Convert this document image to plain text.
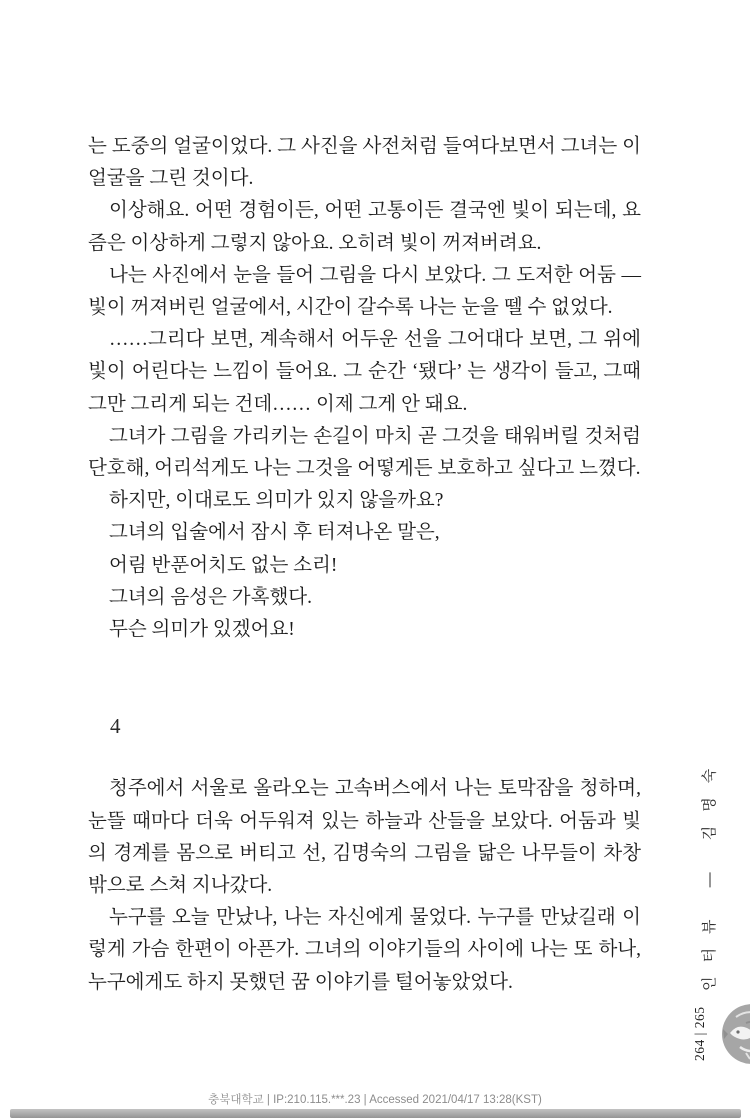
는 도중의 얼굴이었다. 그 사진을 사전처럼 들여다보면서 그녀는 이 얼굴을 그린 것이다.

이상해요. 어떤 경험이든, 어떤 고통이든 결국엔 빛이 되는데, 요즘은 이상하게 그렇지 않아요. 오히려 빛이 꺼져버려요.

나는 사진에서 눈을 들어 그림을 다시 보았다. 그 도저한 어둠 ― 빛이 꺼져버린 얼굴에서, 시간이 갈수록 나는 눈을 뗄 수 없었다.

……그리다 보면, 계속해서 어두운 선을 그어대다 보면, 그 위에 빛이 어린다는 느낌이 들어요. 그 순간 ‘됐다’ 는 생각이 들고, 그때 그만 그리게 되는 건데…… 이제 그게 안 돼요.

그녀가 그림을 가리키는 손길이 마치 곧 그것을 태워버릴 것처럼 단호해, 어리석게도 나는 그것을 어떻게든 보호하고 싶다고 느꼈다.

하지만, 이대로도 의미가 있지 않을까요?

그녀의 입술에서 잠시 후 터져나온 말은,

어림 반푼어치도 없는 소리!

그녀의 음성은 가혹했다.

무슨 의미가 있겠어요!

4

청주에서 서울로 올라오는 고속버스에서 나는 토막잠을 청하며, 눈뜰 때마다 더욱 어두워져 있는 하늘과 산들을 보았다. 어둠과 빛의 경계를 몸으로 버티고 선, 김명숙의 그림을 닮은 나무들이 차창 밖으로 스쳐 지나갔다.

누구를 오늘 만났나, 나는 자신에게 물었다. 누구를 만났길래 이렇게 가슴 한편이 아픈가. 그녀의 이야기들의 사이에 나는 또 하나, 누구에게도 하지 못했던 꿈 이야기를 털어놓았었다.	인터뷰 ― 김명숙
264 | 265
충북대학교 | IP:210.115.***.23 | Accessed 2021/04/17 13:28(KST)
